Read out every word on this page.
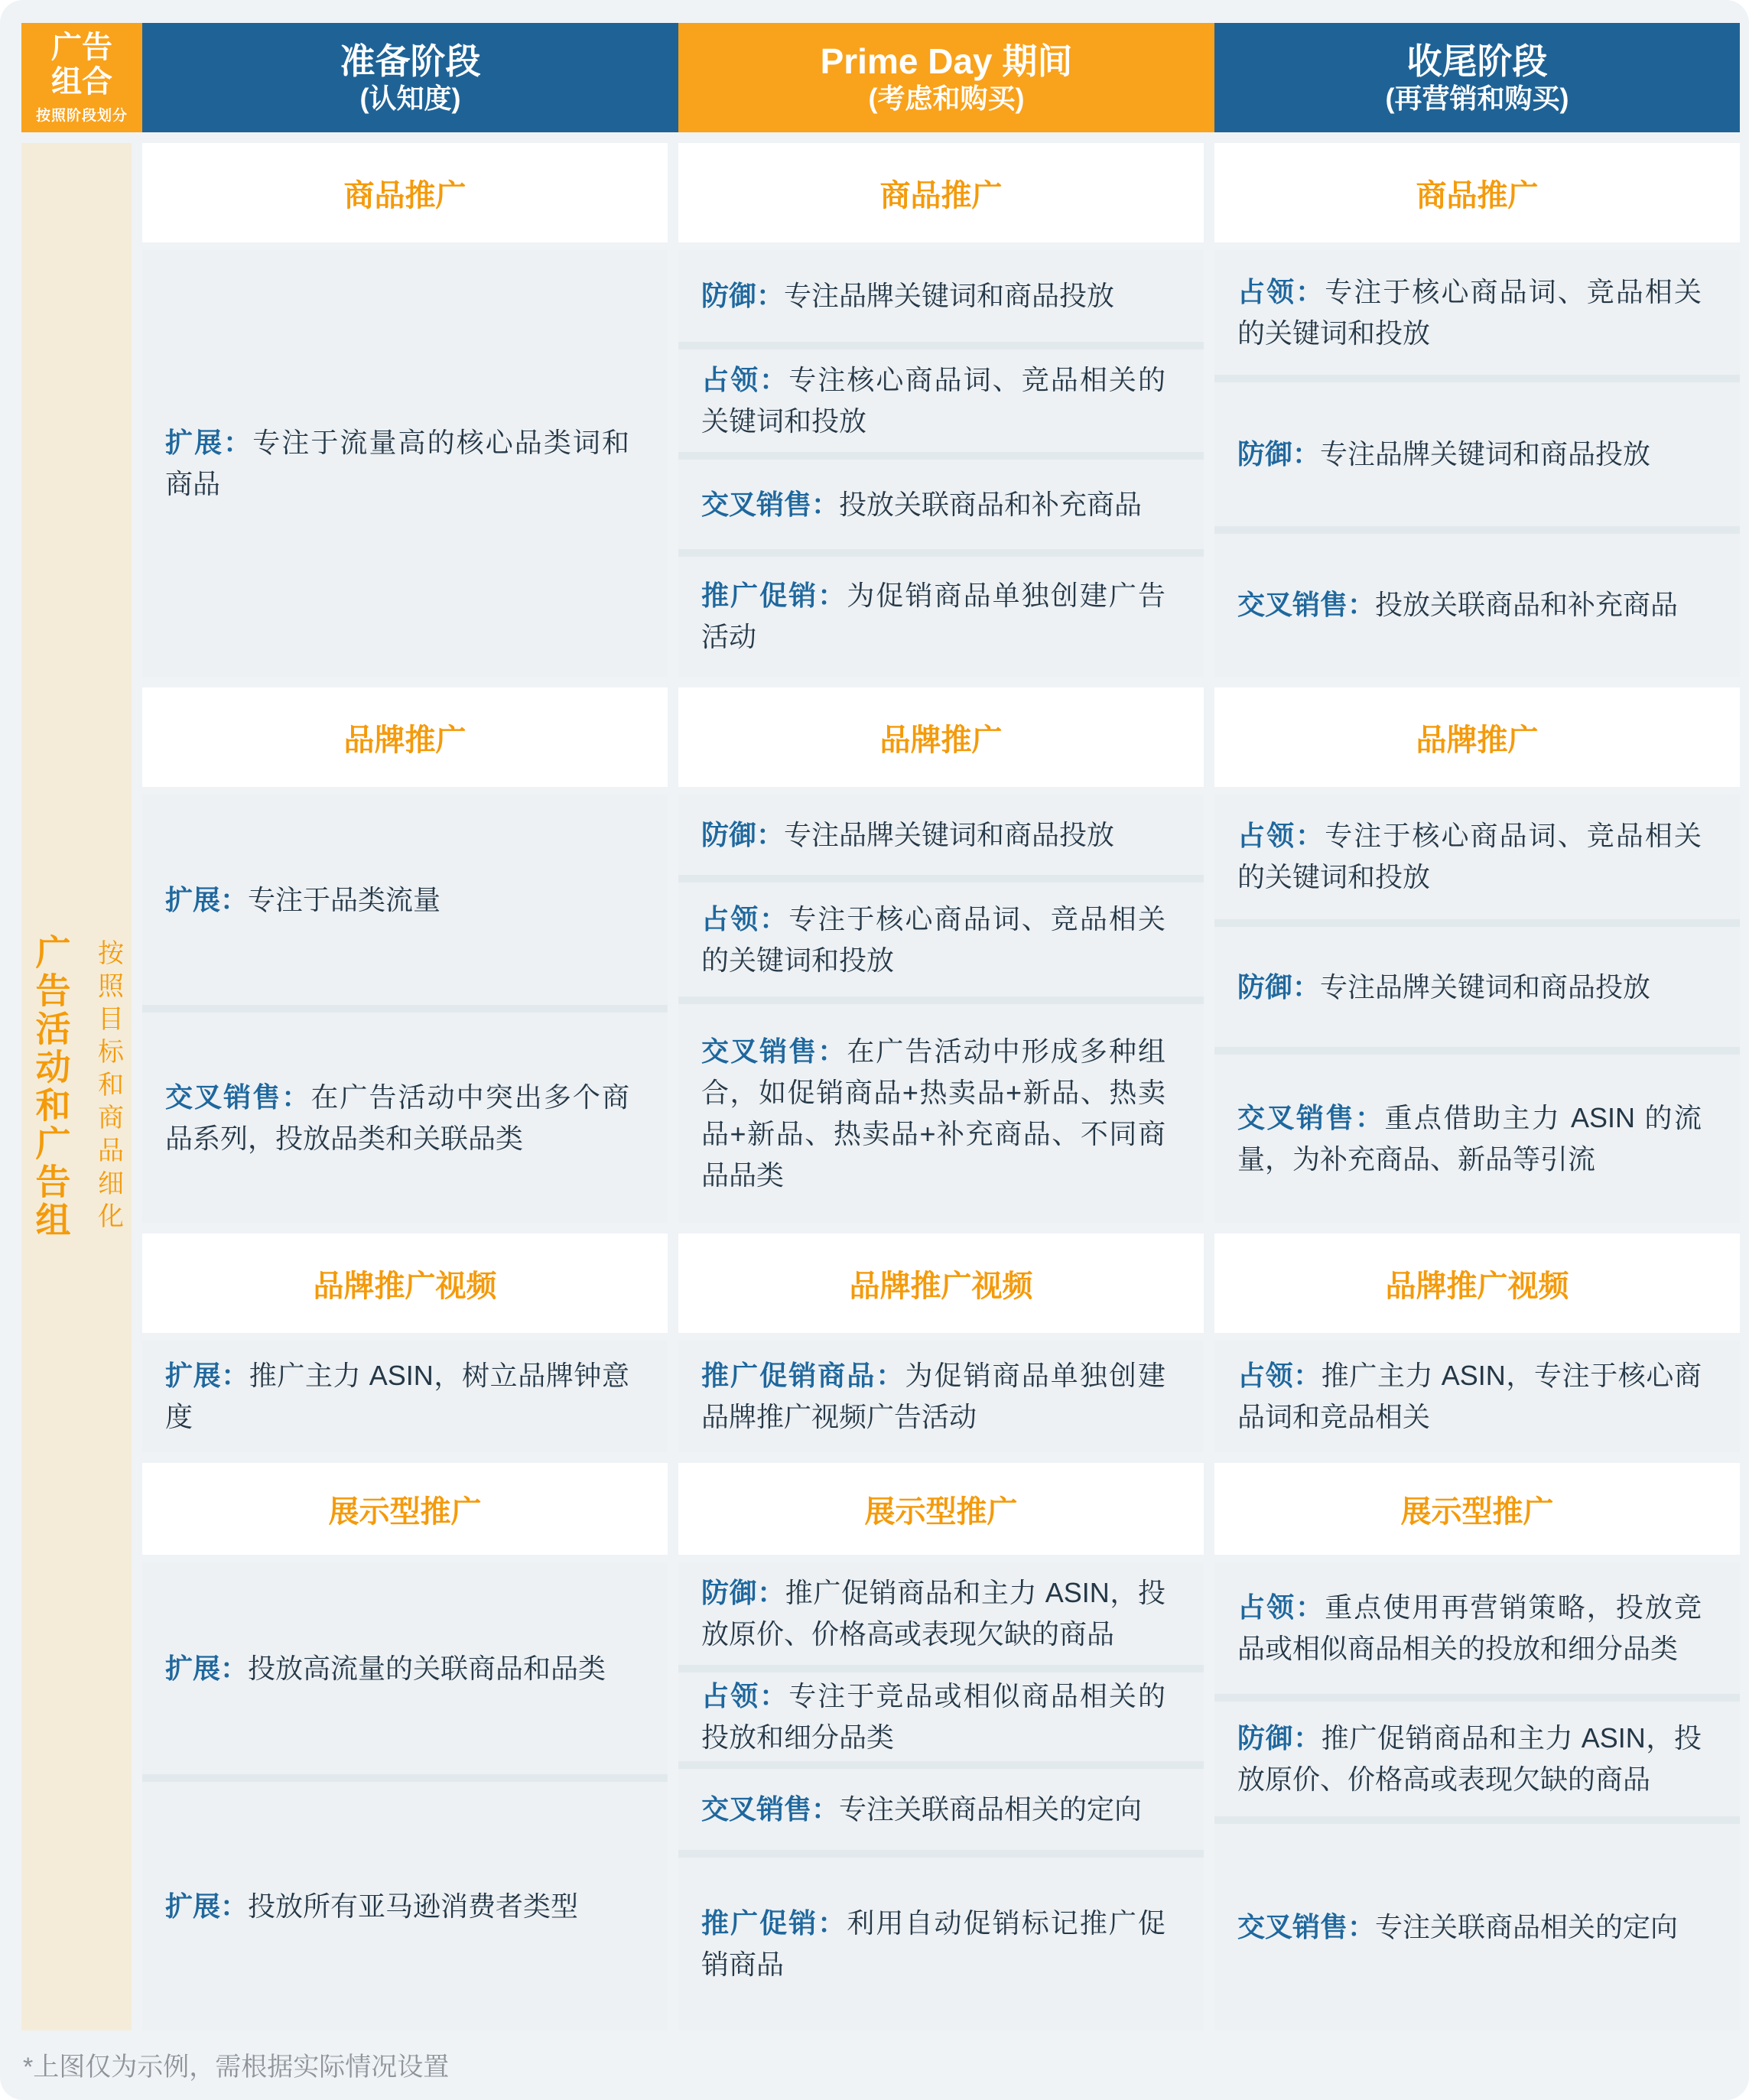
广告组合
按照阶段划分
准备阶段
(认知度)
Prime Day 期间
(考虑和购买)
收尾阶段
(再营销和购买)
广告活动和广告组 按照目标和商品细化
商品推广

扩展：专注于流量高的核心品类词和商品

品牌推广

扩展：专注于品类流量

交叉销售：在广告活动中突出多个商品系列，投放品类和关联品类

品牌推广视频

扩展：推广主力 ASIN，树立品牌钟意度

展示型推广

扩展：投放高流量的关联商品和品类

扩展：投放所有亚马逊消费者类型

商品推广

防御：专注品牌关键词和商品投放

占领：专注核心商品词、竞品相关的关键词和投放

交叉销售：投放关联商品和补充商品

推广促销：为促销商品单独创建广告活动

品牌推广

防御：专注品牌关键词和商品投放

占领：专注于核心商品词、竞品相关的关键词和投放

交叉销售：在广告活动中形成多种组合，如促销商品+热卖品+新品、热卖品+新品、热卖品+补充商品、不同商品品类

品牌推广视频

推广促销商品：为促销商品单独创建品牌推广视频广告活动

展示型推广

防御：推广促销商品和主力 ASIN，投放原价、价格高或表现欠缺的商品

占领：专注于竞品或相似商品相关的投放和细分品类

交叉销售：专注关联商品相关的定向

推广促销：利用自动促销标记推广促销商品

商品推广

占领：专注于核心商品词、竞品相关的关键词和投放

防御：专注品牌关键词和商品投放

交叉销售：投放关联商品和补充商品

品牌推广

占领：专注于核心商品词、竞品相关的关键词和投放

防御：专注品牌关键词和商品投放

交叉销售：重点借助主力 ASIN 的流量，为补充商品、新品等引流

品牌推广视频

占领：推广主力 ASIN，专注于核心商品词和竞品相关

展示型推广

占领：重点使用再营销策略，投放竞品或相似商品相关的投放和细分品类

防御：推广促销商品和主力 ASIN，投放原价、价格高或表现欠缺的商品

交叉销售：专注关联商品相关的定向

*上图仅为示例，需根据实际情况设置
